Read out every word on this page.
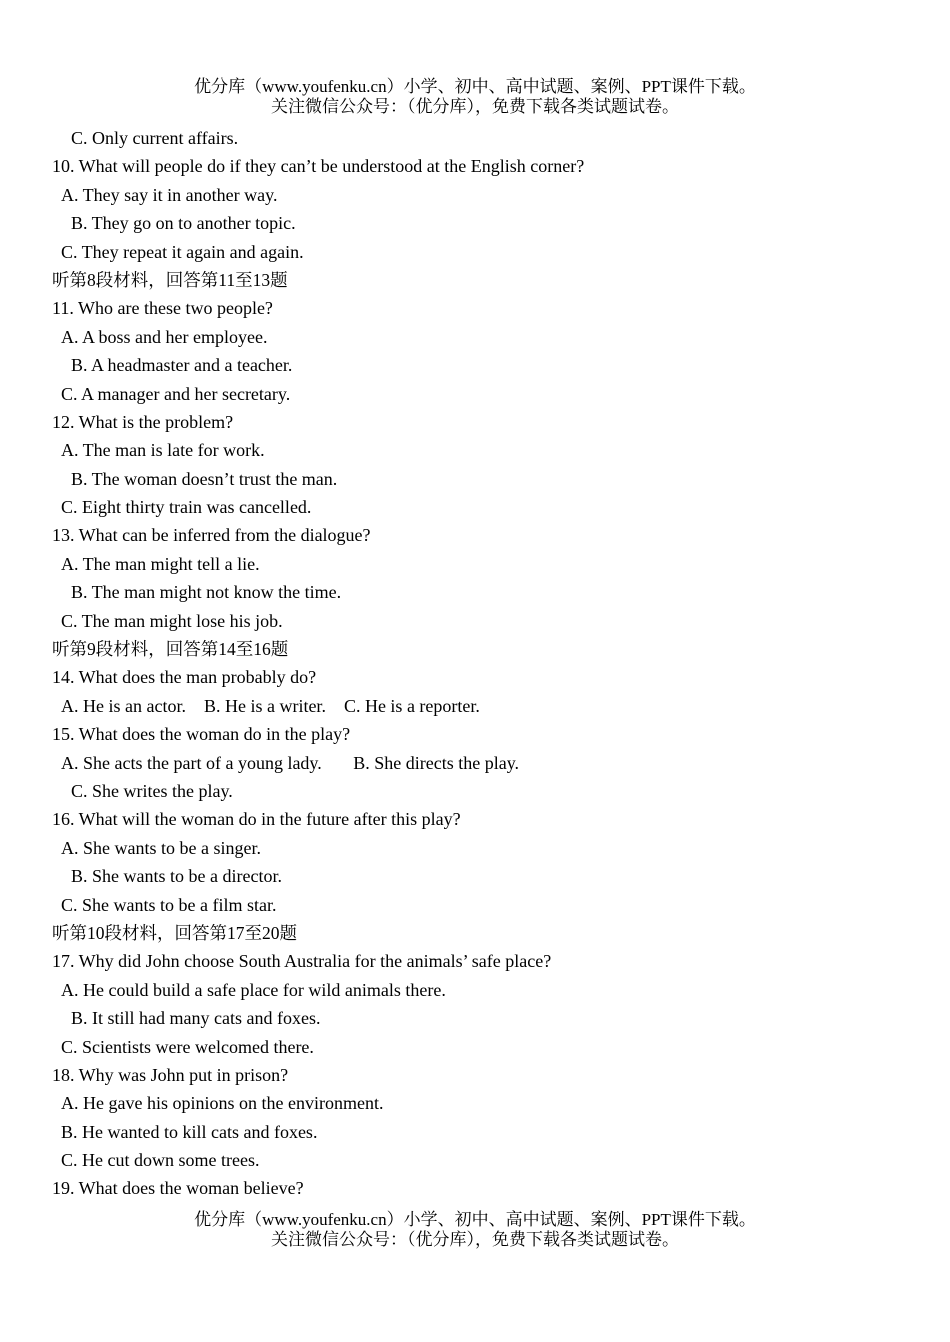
优分库（www.youfenku.cn）小学、初中、高中试题、案例、PPT课件下载。
关注微信公众号：（优分库），免费下载各类试题试卷。
C. Only current affairs.
10. What will people do if they can’t be understood at the English corner?
A. They say it in another way.
B. They go on to another topic.
C. They repeat it again and again.
听第8段材料，回答第11至13题
11. Who are these two people?
A. A boss and her employee.
B. A headmaster and a teacher.
C. A manager and her secretary.
12. What is the problem?
A. The man is late for work.
B. The woman doesn’t trust the man.
C. Eight thirty train was cancelled.
13. What can be inferred from the dialogue?
A. The man might tell a lie.
B. The man might not know the time.
C. The man might lose his job.
听第9段材料，回答第14至16题
14. What does the man probably do?
A. He is an actor.    B. He is a writer.    C. He is a reporter.
15. What does the woman do in the play?
A. She acts the part of a young lady.       B. She directs the play.
C. She writes the play.
16. What will the woman do in the future after this play?
A. She wants to be a singer.
B. She wants to be a director.
C. She wants to be a film star.
听第10段材料，回答第17至20题
17. Why did John choose South Australia for the animals’ safe place?
A. He could build a safe place for wild animals there.
B. It still had many cats and foxes.
C. Scientists were welcomed there.
18. Why was John put in prison?
A. He gave his opinions on the environment.
B. He wanted to kill cats and foxes.
C. He cut down some trees.
19. What does the woman believe?
优分库（www.youfenku.cn）小学、初中、高中试题、案例、PPT课件下载。
关注微信公众号：（优分库），免费下载各类试题试卷。
